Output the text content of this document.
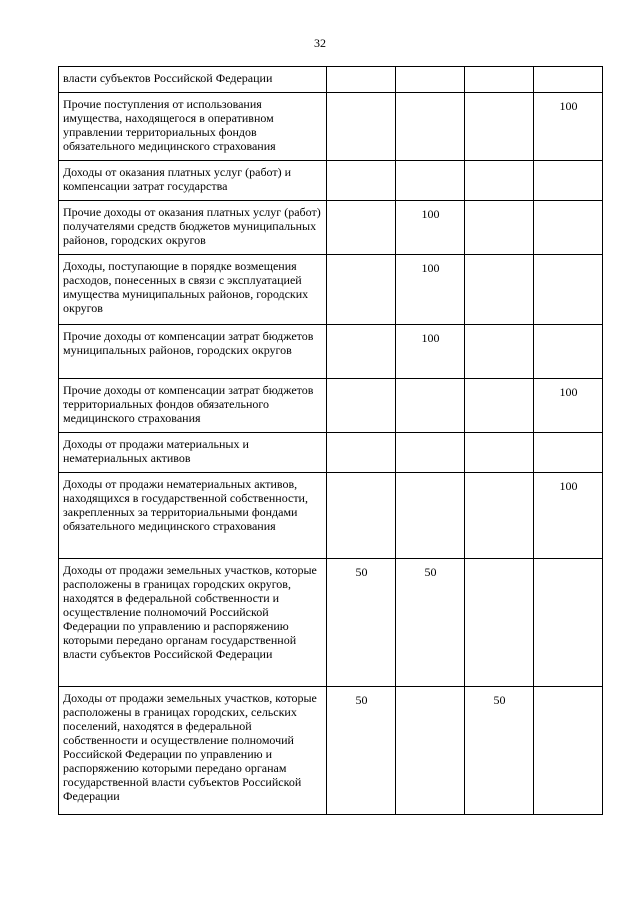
32
власти субъектов Российской Федерации				
Прочие поступления от использования имущества, находящегося в оперативном управлении территориальных фондов обязательного медицинского страхования				100
Доходы от оказания платных услуг (работ) и компенсации затрат государства				
Прочие доходы от оказания платных услуг (работ) получателями средств бюджетов муниципальных районов, городских округов		100		
Доходы, поступающие в порядке возмещения расходов, понесенных в связи с эксплуатацией имущества муниципальных районов, городских округов		100		
Прочие доходы от компенсации затрат бюджетов муниципальных районов, городских округов		100		
Прочие доходы от компенсации затрат бюджетов территориальных фондов обязательного медицинского страхования				100
Доходы от продажи материальных и нематериальных активов				
Доходы от продажи нематериальных активов, находящихся в государственной собственности, закрепленных за территориальными фондами обязательного медицинского страхования				100
Доходы от продажи земельных участков, которые расположены в границах городских округов, находятся в федеральной собственности и осуществление полномочий Российской Федерации по управлению и распоряжению которыми передано органам государственной власти субъектов Российской Федерации	50	50		
Доходы от продажи земельных участков, которые расположены в границах городских, сельских поселений, находятся в федеральной собственности и осуществление полномочий Российской Федерации по управлению и распоряжению которыми передано органам государственной власти субъектов Российской Федерации	50		50	
